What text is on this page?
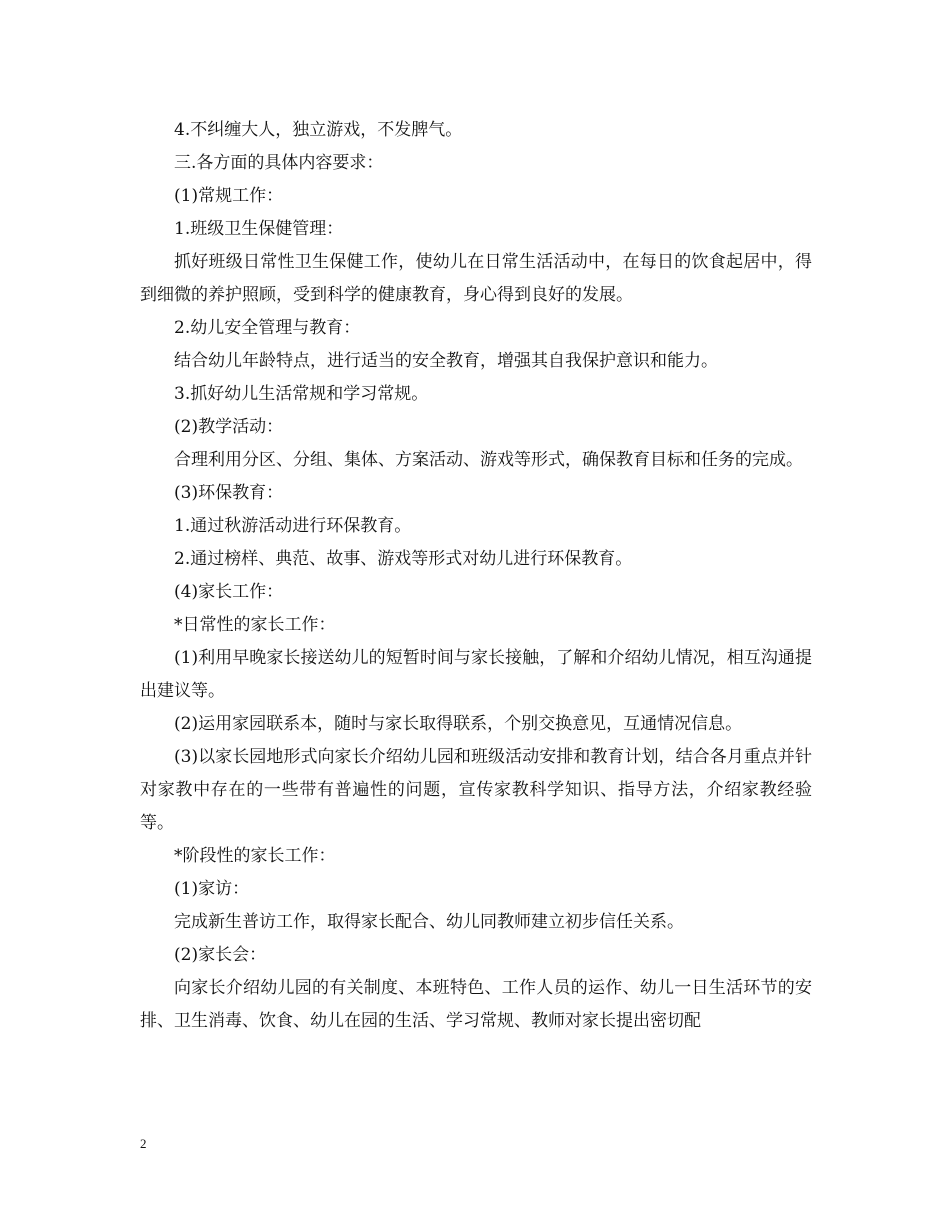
4.不纠缠大人，独立游戏，不发脾气。

三.各方面的具体内容要求：

(1)常规工作：

1.班级卫生保健管理：

抓好班级日常性卫生保健工作，使幼儿在日常生活活动中，在每日的饮食起居中，得到细微的养护照顾，受到科学的健康教育，身心得到良好的发展。

2.幼儿安全管理与教育：

结合幼儿年龄特点，进行适当的安全教育，增强其自我保护意识和能力。

3.抓好幼儿生活常规和学习常规。

(2)教学活动：

合理利用分区、分组、集体、方案活动、游戏等形式，确保教育目标和任务的完成。

(3)环保教育：

1.通过秋游活动进行环保教育。

2.通过榜样、典范、故事、游戏等形式对幼儿进行环保教育。

(4)家长工作：

*日常性的家长工作：

(1)利用早晚家长接送幼儿的短暂时间与家长接触，了解和介绍幼儿情况，相互沟通提出建议等。

(2)运用家园联系本，随时与家长取得联系，个别交换意见，互通情况信息。

(3)以家长园地形式向家长介绍幼儿园和班级活动安排和教育计划，结合各月重点并针对家教中存在的一些带有普遍性的问题，宣传家教科学知识、指导方法，介绍家教经验等。

*阶段性的家长工作：

(1)家访：

完成新生普访工作，取得家长配合、幼儿同教师建立初步信任关系。

(2)家长会：

向家长介绍幼儿园的有关制度、本班特色、工作人员的运作、幼儿一日生活环节的安排、卫生消毒、饮食、幼儿在园的生活、学习常规、教师对家长提出密切配

2
